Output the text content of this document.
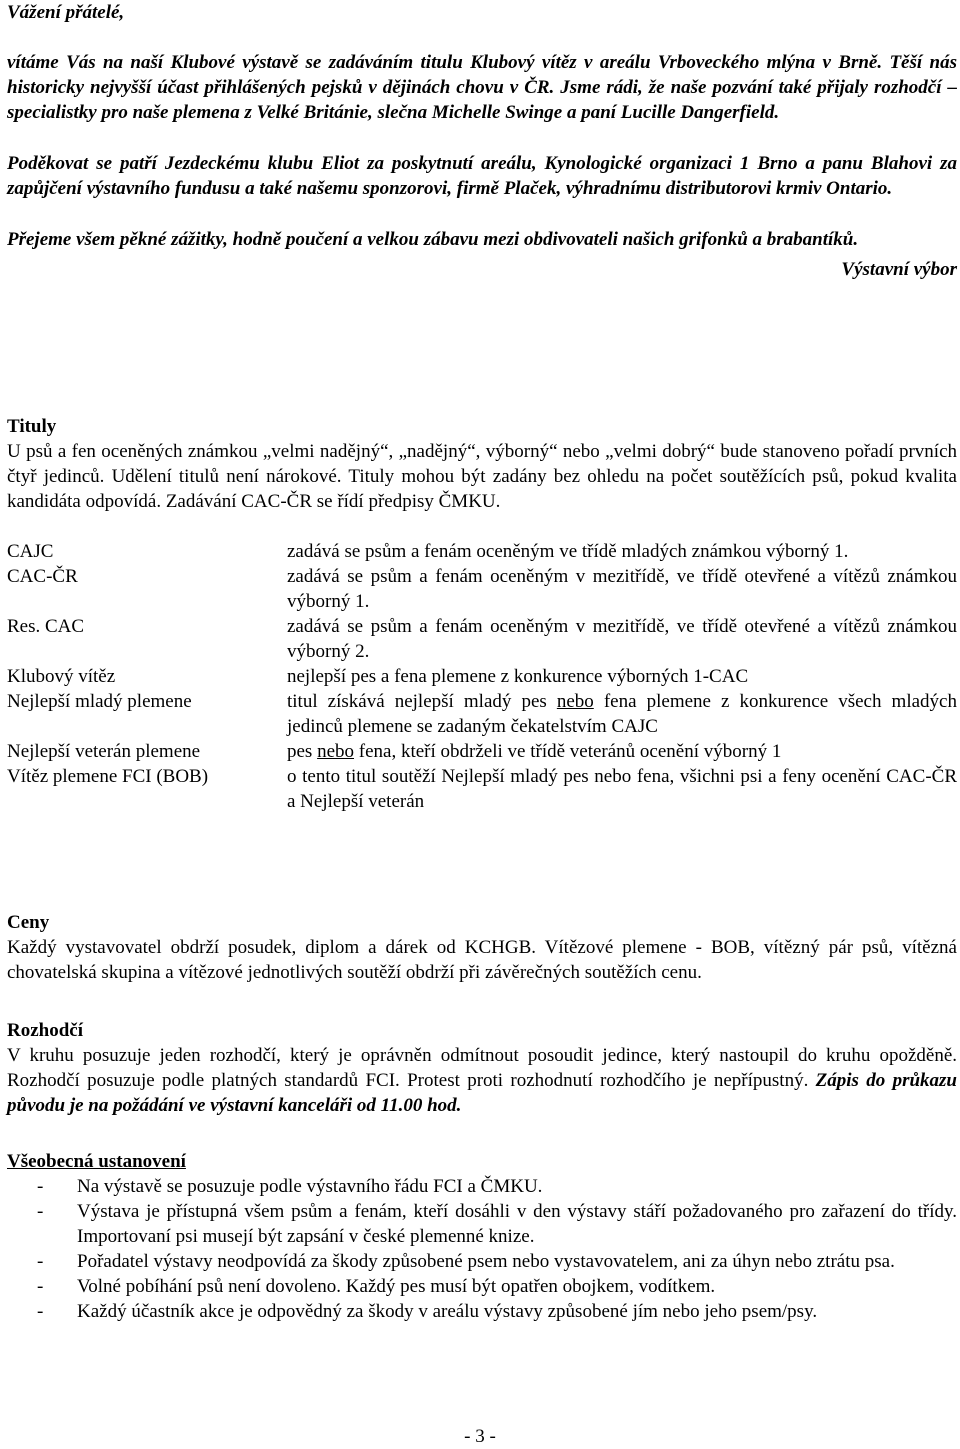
Vážení přátelé,

vítáme Vás na naší Klubové výstavě se zadáváním titulu Klubový vítěz v areálu Vrboveckého mlýna v Brně. Těší nás historicky nejvyšší účast přihlášených pejsků v dějinách chovu v ČR. Jsme rádi, že naše pozvání také přijaly rozhodčí – specialistky pro naše plemena z Velké Británie, slečna Michelle Swinge a paní Lucille Dangerfield.

Poděkovat se patří Jezdeckému klubu Eliot za poskytnutí areálu, Kynologické organizaci 1 Brno a panu Blahovi za zapůjčení výstavního fundusu a také našemu sponzorovi, firmě Plaček, výhradnímu distributorovi krmiv Ontario.

Přejeme všem pěkné zážitky, hodně poučení a velkou zábavu mezi obdivovateli našich grifonků a brabantíků.

Výstavní výbor

Tituly

U psů a fen oceněných známkou „velmi nadějný“, „nadějný“, výborný“ nebo „velmi dobrý“ bude stanoveno pořadí prvních čtyř jedinců. Udělení titulů není nárokové. Tituly mohou být zadány bez ohledu na počet soutěžících psů, pokud kvalita kandidáta odpovídá. Zadávání CAC-ČR se řídí předpisy ČMKU.

CAJC	zadává se psům a fenám oceněným ve třídě mladých známkou výborný 1.
CAC-ČR	zadává se psům a fenám oceněným v mezitřídě, ve třídě otevřené a vítězů známkou výborný 1.
Res. CAC	zadává se psům a fenám oceněným v mezitřídě, ve třídě otevřené a vítězů známkou výborný 2.
Klubový vítěz	nejlepší pes a fena plemene z konkurence výborných 1-CAC
Nejlepší mladý plemene	titul získává nejlepší mladý pes nebo fena plemene z konkurence všech mladých jedinců plemene se zadaným čekatelstvím CAJC
Nejlepší veterán plemene	pes nebo fena, kteří obdrželi ve třídě veteránů ocenění výborný 1
Vítěz plemene FCI (BOB)	o tento titul soutěží Nejlepší mladý pes nebo fena, všichni psi a feny ocenění CAC-ČR a Nejlepší veterán

Ceny

Každý vystavovatel obdrží posudek, diplom a dárek od KCHGB. Vítězové plemene - BOB, vítězný pár psů, vítězná chovatelská skupina a vítězové jednotlivých soutěží obdrží při závěrečných soutěžích cenu.

Rozhodčí

V kruhu posuzuje jeden rozhodčí, který je oprávněn odmítnout posoudit jedince, který nastoupil do kruhu opožděně. Rozhodčí posuzuje podle platných standardů FCI. Protest proti rozhodnutí rozhodčího je nepřípustný. Zápis do průkazu původu je na požádání ve výstavní kanceláři od 11.00 hod.

Všeobecná ustanovení

- Na výstavě se posuzuje podle výstavního řádu FCI a ČMKU.
- Výstava je přístupná všem psům a fenám, kteří dosáhli v den výstavy stáří požadovaného pro zařazení do třídy. Importovaní psi musejí být zapsání v české plemenné knize.
- Pořadatel výstavy neodpovídá za škody způsobené psem nebo vystavovatelem, ani za úhyn nebo ztrátu psa.
- Volné pobíhání psů není dovoleno. Každý pes musí být opatřen obojkem, vodítkem.
- Každý účastník akce je odpovědný za škody v areálu výstavy způsobené jím nebo jeho psem/psy.
- 3 -
